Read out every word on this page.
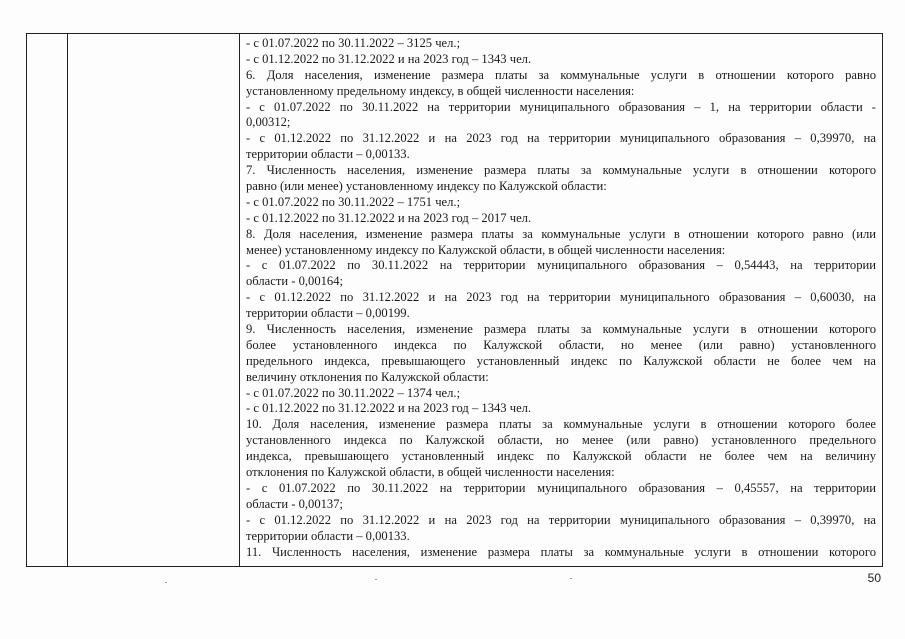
- с 01.07.2022 по 30.11.2022 – 3125 чел.;
- с 01.12.2022 по 31.12.2022 и на 2023 год – 1343 чел.
6. Доля населения, изменение размера платы за коммунальные услуги в отношении которого равно
установленному предельному индексу, в общей численности населения:
- с 01.07.2022 по 30.11.2022 на территории муниципального образования – 1, на территории области -
0,00312;
- с 01.12.2022 по 31.12.2022 и на 2023 год на территории муниципального образования – 0,39970, на
территории области – 0,00133.
7. Численность населения, изменение размера платы за коммунальные услуги в отношении которого
равно (или менее) установленному индексу по Калужской области:
- с 01.07.2022 по 30.11.2022 – 1751 чел.;
- с 01.12.2022 по 31.12.2022 и на 2023 год – 2017 чел.
8. Доля населения, изменение размера платы за коммунальные услуги в отношении которого равно (или
менее) установленному индексу по Калужской области, в общей численности населения:
- с 01.07.2022 по 30.11.2022 на территории муниципального образования – 0,54443, на территории
области - 0,00164;
- с 01.12.2022 по 31.12.2022 и на 2023 год на территории муниципального образования – 0,60030, на
территории области – 0,00199.
9. Численность населения, изменение размера платы за коммунальные услуги в отношении которого
более установленного индекса по Калужской области, но менее (или равно) установленного
предельного индекса, превышающего установленный индекс по Калужской области не более чем на
величину отклонения по Калужской области:
- с 01.07.2022 по 30.11.2022 – 1374 чел.;
- с 01.12.2022 по 31.12.2022 и на 2023 год – 1343 чел.
10. Доля населения, изменение размера платы за коммунальные услуги в отношении которого более
установленного индекса по Калужской области, но менее (или равно) установленного предельного
индекса, превышающего установленный индекс по Калужской области не более чем на величину
отклонения по Калужской области, в общей численности населения:
- с 01.07.2022 по 30.11.2022 на территории муниципального образования – 0,45557, на территории
области - 0,00137;
- с 01.12.2022 по 31.12.2022 и на 2023 год на территории муниципального образования – 0,39970, на
территории области – 0,00133.
11. Численность населения, изменение размера платы за коммунальные услуги в отношении которого
50
